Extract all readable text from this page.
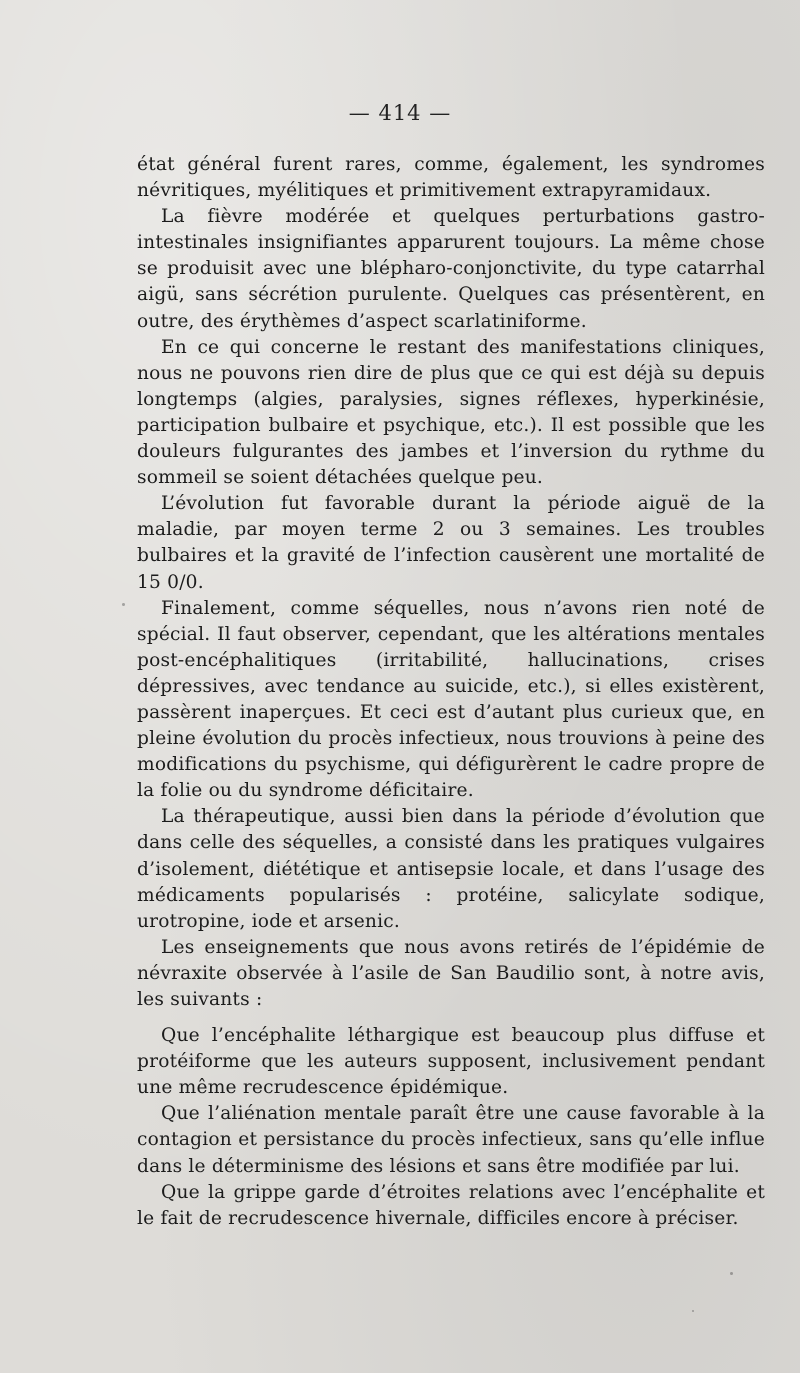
— 414 —

état général furent rares, comme, également, les syndromes névritiques, myélitiques et primitivement extrapyramidaux.

La fièvre modérée et quelques perturbations gastro-intestinales insignifiantes apparurent toujours. La même chose se produisit avec une blépharo-conjonctivite, du type catarrhal aigü, sans sécrétion purulente. Quelques cas présentèrent, en outre, des érythèmes d’aspect scarlatiniforme.

En ce qui concerne le restant des manifestations cliniques, nous ne pouvons rien dire de plus que ce qui est déjà su depuis longtemps (algies, paralysies, signes réflexes, hyperkinésie, participation bulbaire et psychique, etc.). Il est possible que les douleurs fulgurantes des jambes et l’inversion du rythme du sommeil se soient détachées quelque peu.

L’évolution fut favorable durant la période aiguë de la maladie, par moyen terme 2 ou 3 semaines. Les troubles bulbaires et la gravité de l’infection causèrent une mortalité de 15 0/0.

Finalement, comme séquelles, nous n’avons rien noté de spécial. Il faut observer, cependant, que les altérations mentales post-encéphalitiques (irritabilité, hallucinations, crises dépressives, avec tendance au suicide, etc.), si elles existèrent, passèrent inaperçues. Et ceci est d’autant plus curieux que, en pleine évolution du procès infectieux, nous trouvions à peine des modifications du psychisme, qui défigurèrent le cadre propre de la folie ou du syndrome déficitaire.

La thérapeutique, aussi bien dans la période d’évolution que dans celle des séquelles, a consisté dans les pratiques vulgaires d’isolement, diététique et antisepsie locale, et dans l’usage des médicaments popularisés : protéine, salicylate sodique, urotropine, iode et arsenic.

Les enseignements que nous avons retirés de l’épidémie de névraxite observée à l’asile de San Baudilio sont, à notre avis, les suivants :

Que l’encéphalite léthargique est beaucoup plus diffuse et protéiforme que les auteurs supposent, inclusivement pendant une même recrudescence épidémique.

Que l’aliénation mentale paraît être une cause favorable à la contagion et persistance du procès infectieux, sans qu’elle influe dans le déterminisme des lésions et sans être modifiée par lui.

Que la grippe garde d’étroites relations avec l’encéphalite et le fait de recrudescence hivernale, difficiles encore à préciser.
